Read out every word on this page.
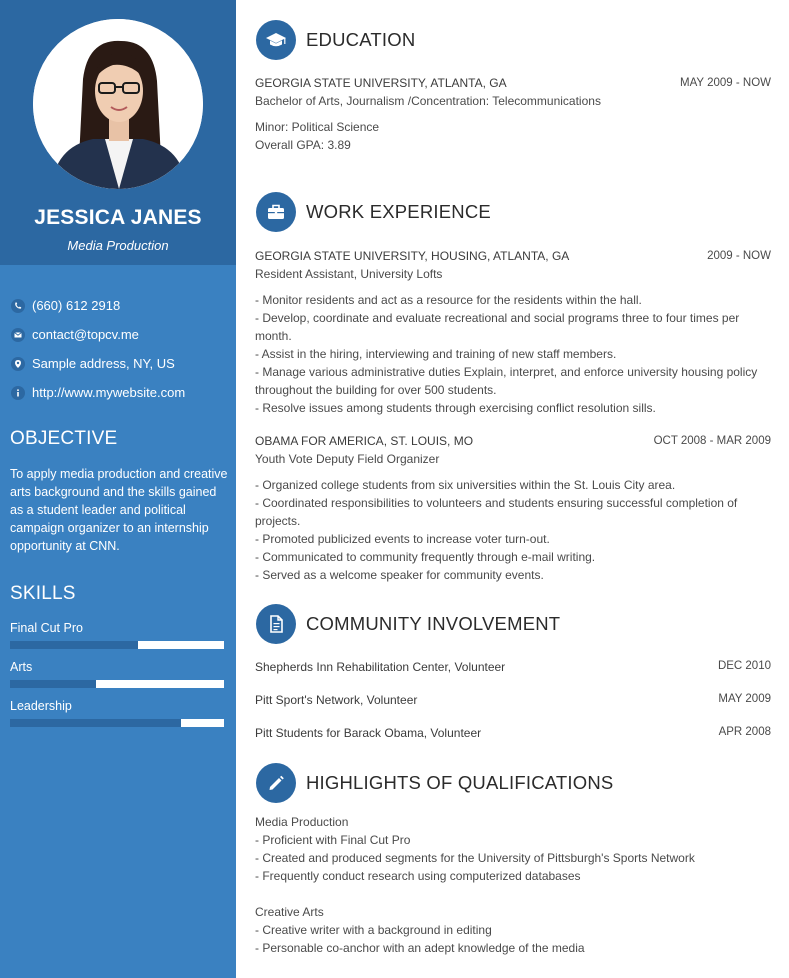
JESSICA JANES
Media Production
(660) 612 2918
contact@topcv.me
Sample address, NY, US
http://www.mywebsite.com
OBJECTIVE
To apply media production and creative arts background and the skills gained as a student leader and political campaign organizer to an internship opportunity at CNN.
SKILLS
Final Cut Pro
Arts
Leadership
EDUCATION
GEORGIA STATE UNIVERSITY, ATLANTA, GA	MAY 2009 - NOW
Bachelor of Arts, Journalism /Concentration: Telecommunications
Minor: Political Science
Overall GPA: 3.89
WORK EXPERIENCE
GEORGIA STATE UNIVERSITY, HOUSING, ATLANTA, GA	2009 - NOW
Resident Assistant, University Lofts
- Monitor residents and act as a resource for the residents within the hall.
- Develop, coordinate and evaluate recreational and social programs three to four times per month.
- Assist in the hiring, interviewing and training of new staff members.
- Manage various administrative duties Explain, interpret, and enforce university housing policy throughout the building for over 500 students.
- Resolve issues among students through exercising conflict resolution sills.
OBAMA FOR AMERICA, ST. LOUIS, MO	OCT 2008 - MAR 2009
Youth Vote Deputy Field Organizer
- Organized college students from six universities within the St. Louis City area.
- Coordinated responsibilities to volunteers and students ensuring successful completion of projects.
- Promoted publicized events to increase voter turn-out.
- Communicated to community frequently through e-mail writing.
- Served as a welcome speaker for community events.
COMMUNITY INVOLVEMENT
Shepherds Inn Rehabilitation Center, Volunteer	DEC 2010
Pitt Sport's Network, Volunteer	MAY 2009
Pitt Students for Barack Obama, Volunteer	APR 2008
HIGHLIGHTS OF QUALIFICATIONS
Media Production
- Proficient with Final Cut Pro
- Created and produced segments for the University of Pittsburgh's Sports Network
- Frequently conduct research using computerized databases
Creative Arts
- Creative writer with a background in editing
- Personable co-anchor with an adept knowledge of the media
